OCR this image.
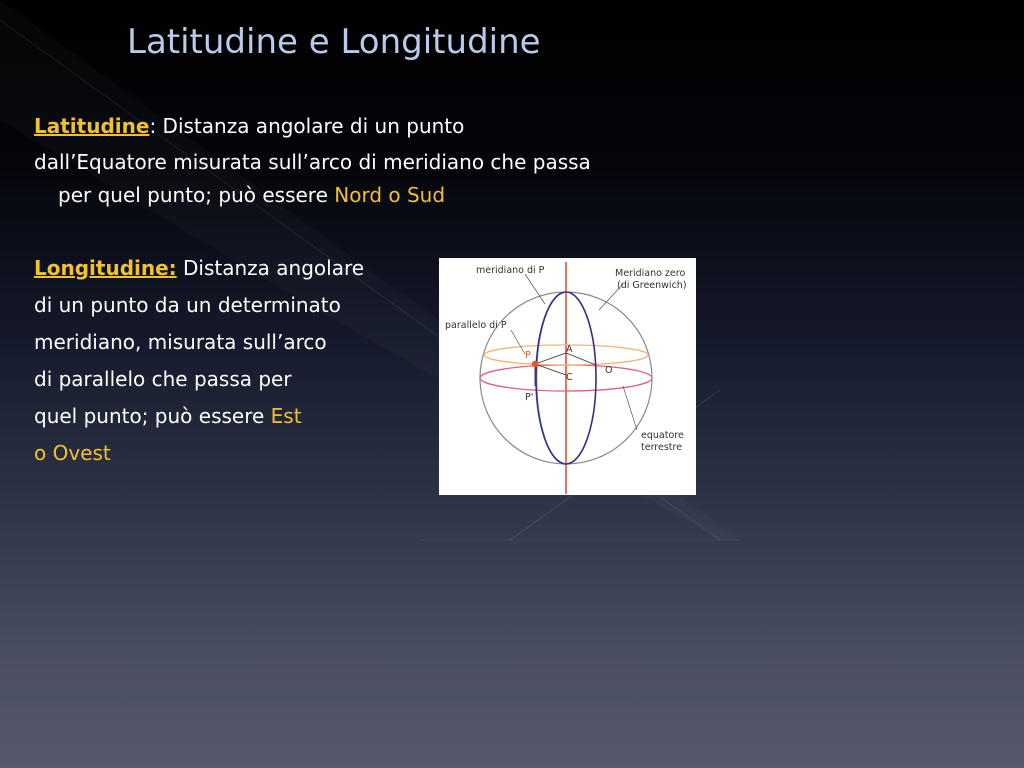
Latitudine e Longitudine

Latitudine: Distanza angolare di un punto
dall’Equatore misurata sull’arco di meridiano che passa
per quel punto; può essere Nord o Sud

Longitudine: Distanza angolare
di un punto da un determinato
meridiano, misurata sull’arco
di parallelo che passa per
quel punto; può essere Est
o Ovest

meridiano di P	Meridiano zero
(di Greenwich)
parallelo di P
P
P'
A
C
O
equatore
terrestre
